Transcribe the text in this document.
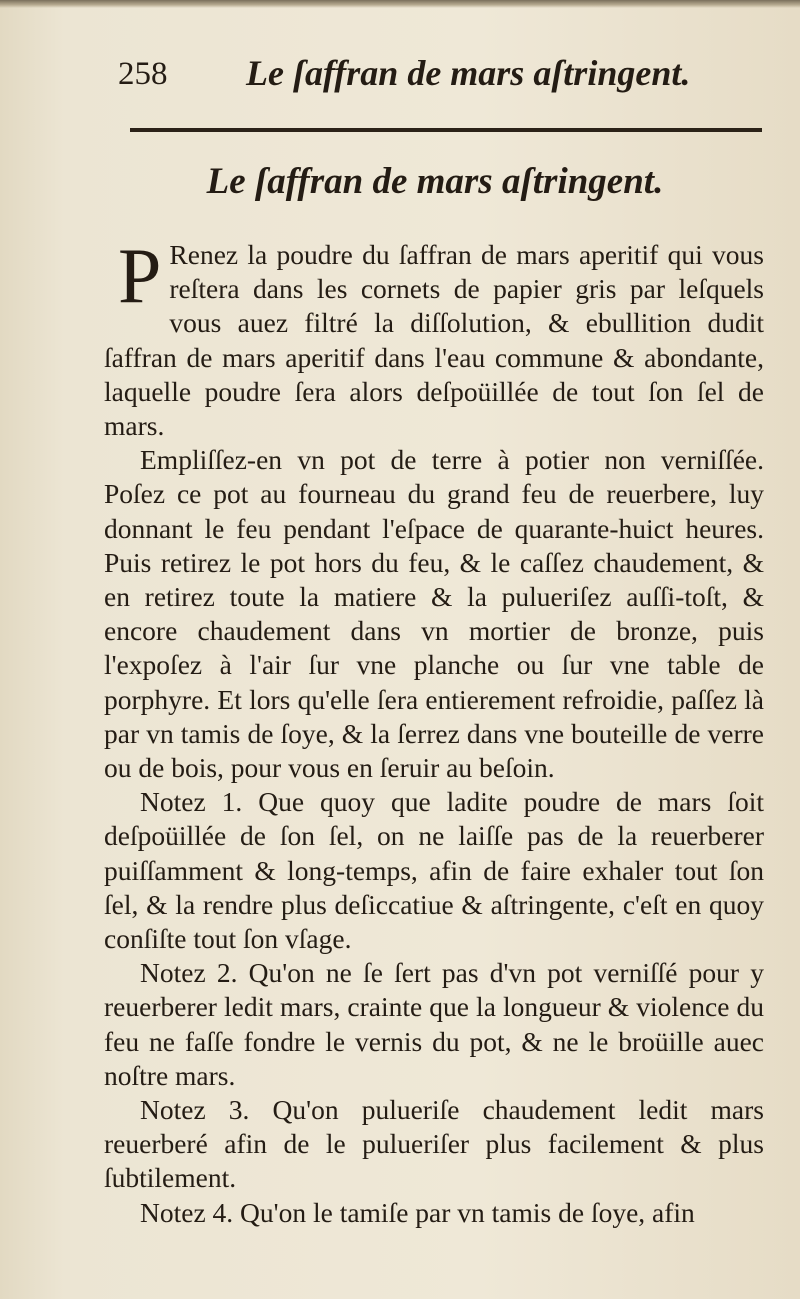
258 Le ſaffran de mars aſtringent.
Le ſaffran de mars aſtringent.

P Renez la poudre du ſaffran de mars aperitif qui vous reſtera dans les cornets de papier gris par leſquels vous auez filtré la diſſolution, & ebullition dudit ſaffran de mars aperitif dans l'eau commune & abondante, laquelle poudre ſera alors deſpoüillée de tout ſon ſel de mars.

Empliſſez-en vn pot de terre à potier non verniſſée. Poſez ce pot au fourneau du grand feu de reuerbere, luy donnant le feu pendant l'eſpace de quarante-huict heures. Puis retirez le pot hors du feu, & le caſſez chaudement, & en retirez toute la matiere & la pulueriſez auſſi-toſt, & encore chaudement dans vn mortier de bronze, puis l'expoſez à l'air ſur vne planche ou ſur vne table de porphyre. Et lors qu'elle ſera entierement refroidie, paſſez là par vn tamis de ſoye, & la ſerrez dans vne bouteille de verre ou de bois, pour vous en ſeruir au beſoin.

Notez 1. Que quoy que ladite poudre de mars ſoit deſpoüillée de ſon ſel, on ne laiſſe pas de la reuerberer puiſſamment & long-temps, afin de faire exhaler tout ſon ſel, & la rendre plus deſiccatiue & aſtringente, c'eſt en quoy conſiſte tout ſon vſage.

Notez 2. Qu'on ne ſe ſert pas d'vn pot verniſſé pour y reuerberer ledit mars, crainte que la longueur & violence du feu ne faſſe fondre le vernis du pot, & ne le broüille auec noſtre mars.

Notez 3. Qu'on pulueriſe chaudement ledit mars reuerberé afin de le pulueriſer plus facilement & plus ſubtilement.

Notez 4. Qu'on le tamiſe par vn tamis de ſoye, afin
